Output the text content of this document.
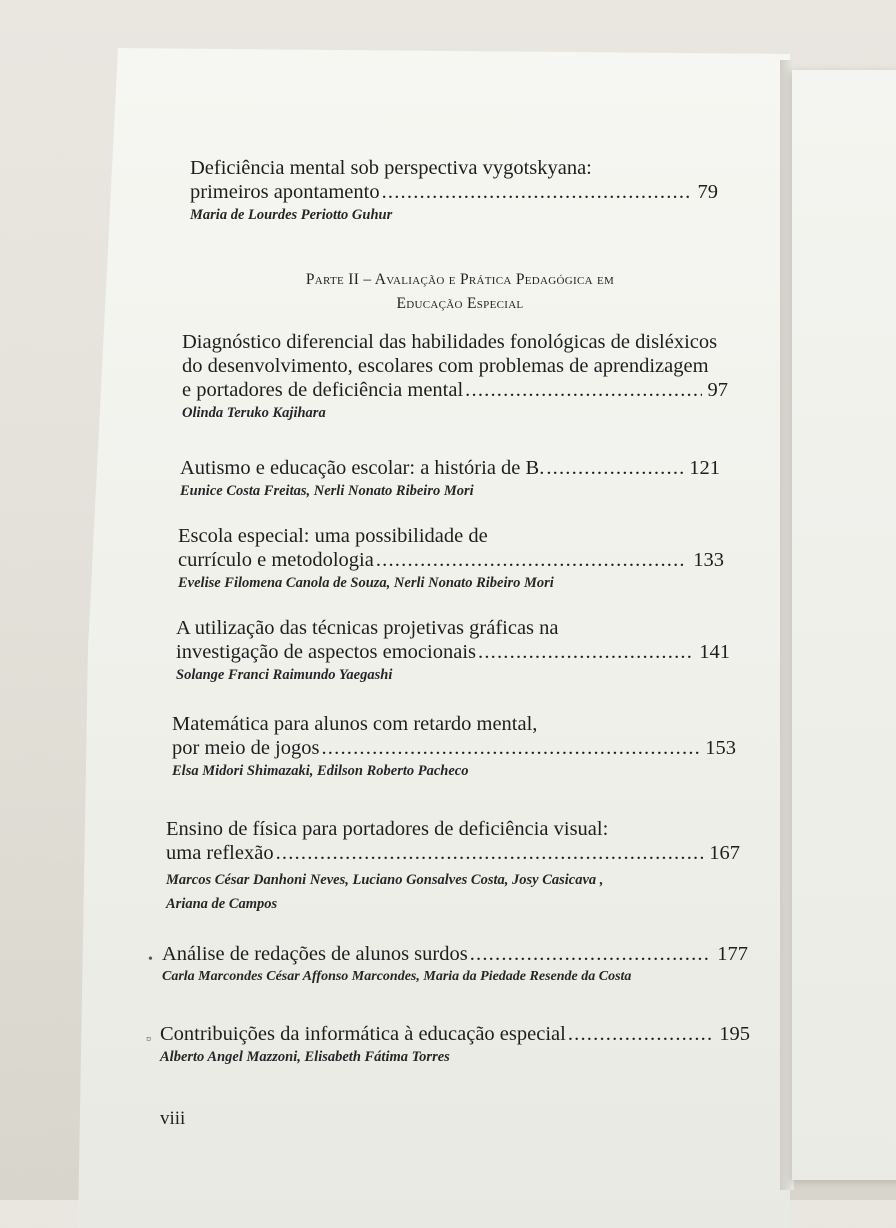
Deficiência mental sob perspectiva vygotskyana:
primeiros apontamento .....	79
Maria de Lourdes Periotto Guhur
Parte II – Avaliação e Prática Pedagógica em
Educação Especial
Diagnóstico diferencial das habilidades fonológicas de disléxicos
do desenvolvimento, escolares com problemas de aprendizagem
e portadores de deficiência mental .....	97
Olinda Teruko Kajihara
Autismo e educação escolar: a história de B. .....	121
Eunice Costa Freitas, Nerli Nonato Ribeiro Mori
Escola especial: uma possibilidade de
currículo e metodologia .....	133
Evelise Filomena Canola de Souza, Nerli Nonato Ribeiro Mori
A utilização das técnicas projetivas gráficas na
investigação de aspectos emocionais .....	141
Solange Franci Raimundo Yaegashi
Matemática para alunos com retardo mental,
por meio de jogos .....	153
Elsa Midori Shimazaki, Edilson Roberto Pacheco
Ensino de física para portadores de deficiência visual:
uma reflexão .....	167
Marcos César Danhoni Neves, Luciano Gonsalves Costa, Josy Casicava ,
Ariana de Campos
• Análise de redações de alunos surdos .....	177
Carla Marcondes César Affonso Marcondes, Maria da Piedade Resende da Costa
▫ Contribuições da informática à educação especial .....	195
Alberto Angel Mazzoni, Elisabeth Fátima Torres
viii
